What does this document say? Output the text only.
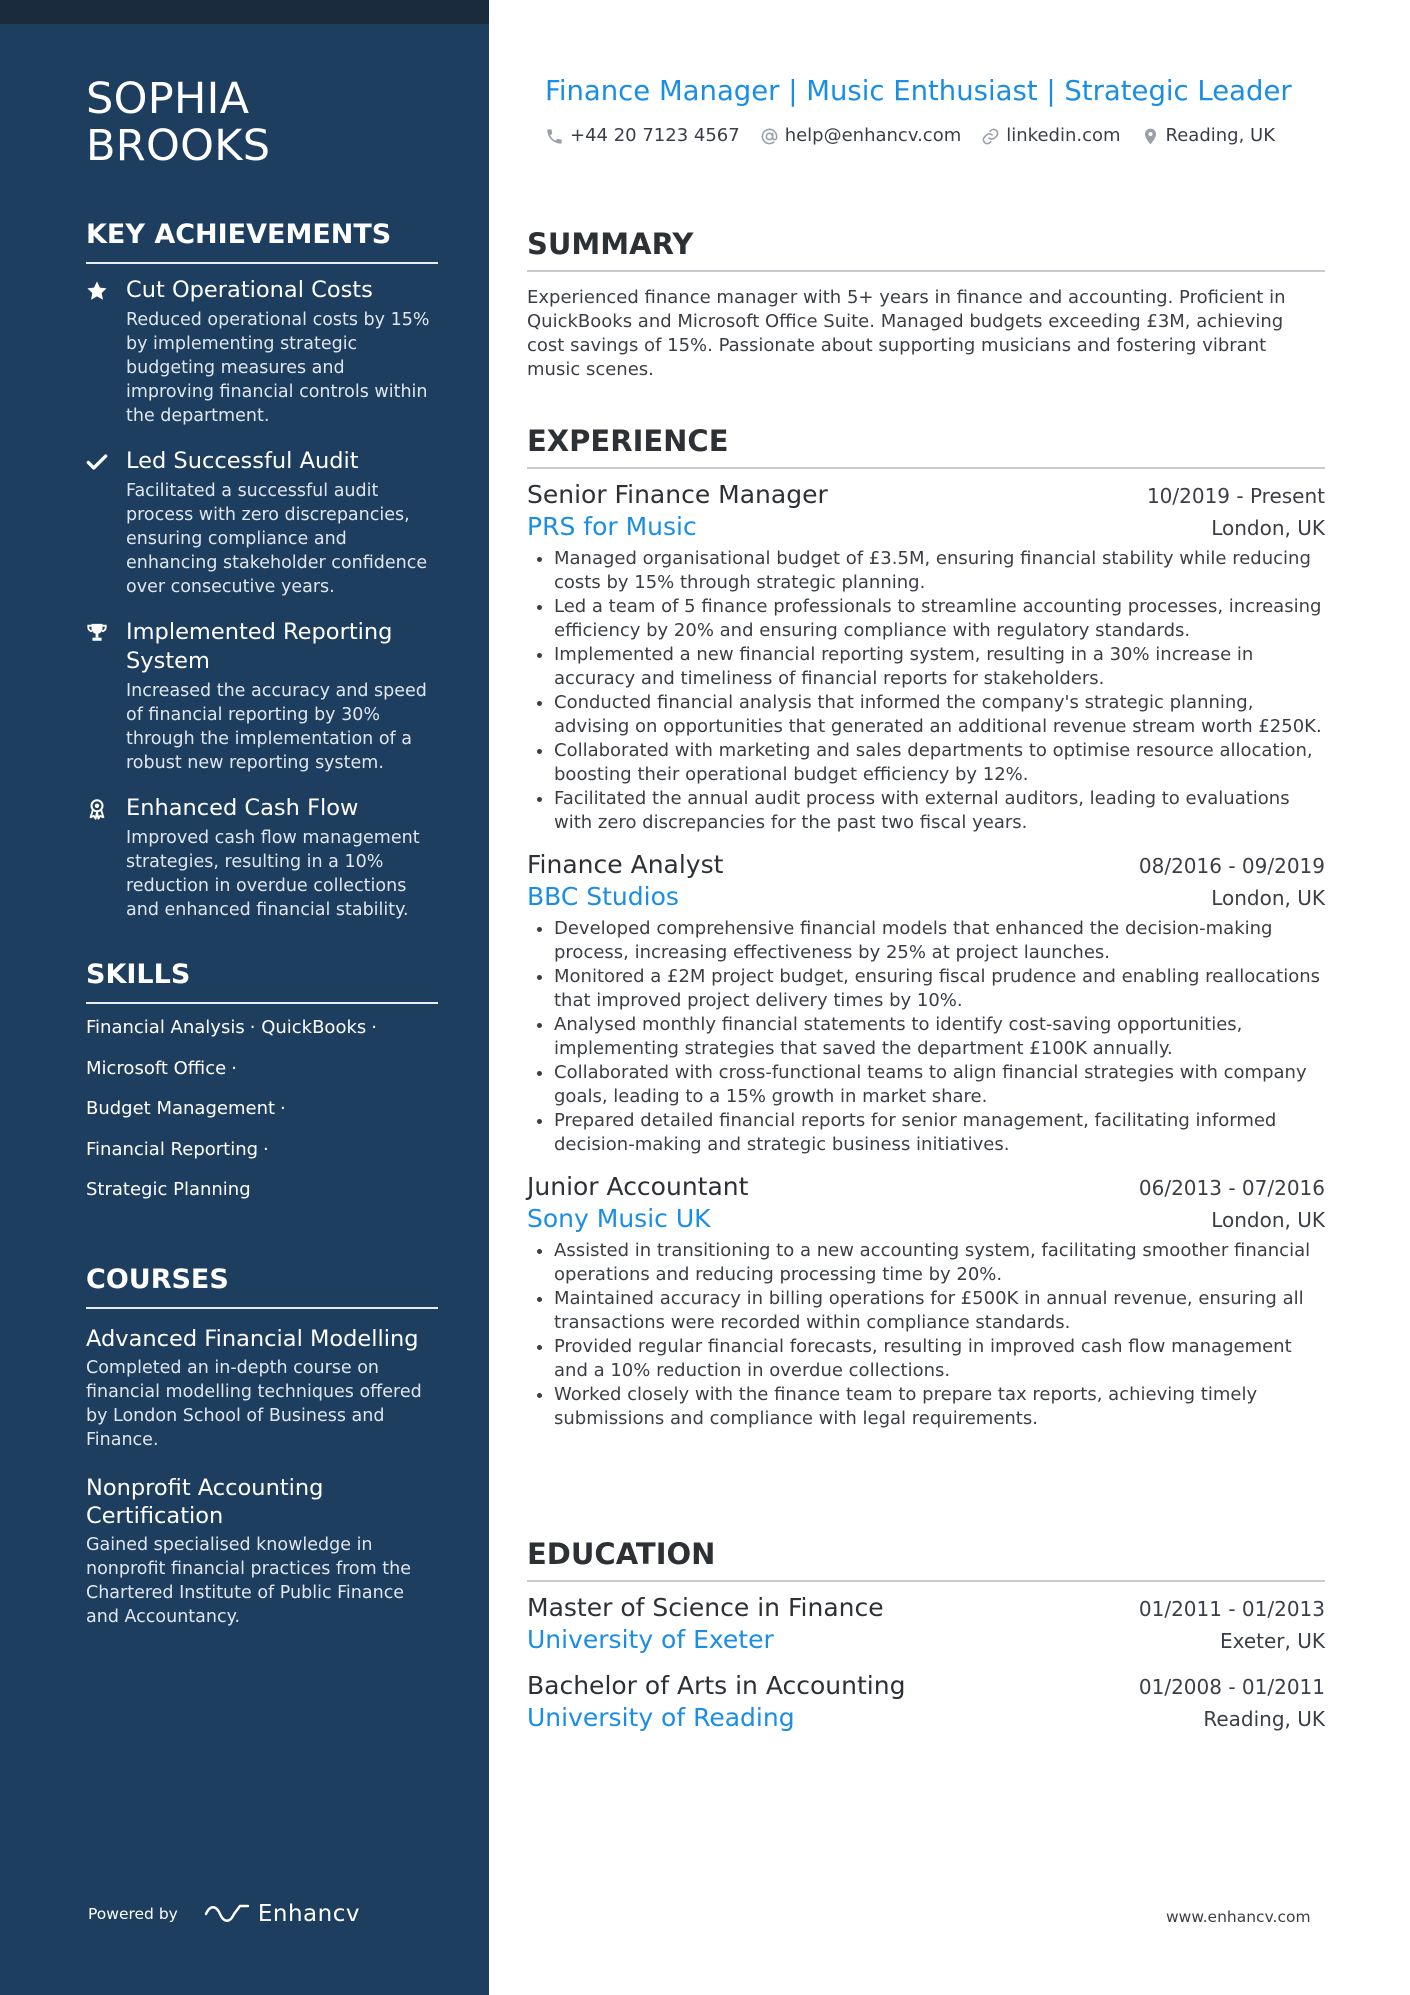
SOPHIA
BROOKS
KEY ACHIEVEMENTS
Cut Operational Costs
Reduced operational costs by 15% by implementing strategic budgeting measures and improving financial controls within the department.
Led Successful Audit
Facilitated a successful audit process with zero discrepancies, ensuring compliance and enhancing stakeholder confidence over consecutive years.
Implemented Reporting System
Increased the accuracy and speed of financial reporting by 30% through the implementation of a robust new reporting system.
Enhanced Cash Flow
Improved cash flow management strategies, resulting in a 10% reduction in overdue collections and enhanced financial stability.
SKILLS
Financial Analysis · QuickBooks ·
Microsoft Office ·
Budget Management ·
Financial Reporting ·
Strategic Planning
COURSES
Advanced Financial Modelling
Completed an in-depth course on financial modelling techniques offered by London School of Business and Finance.
Nonprofit Accounting Certification
Gained specialised knowledge in nonprofit financial practices from the Chartered Institute of Public Finance and Accountancy.
Powered by	Enhancv
Finance Manager | Music Enthusiast | Strategic Leader
+44 20 7123 4567	help@enhancv.com	linkedin.com	Reading, UK
SUMMARY

Experienced finance manager with 5+ years in finance and accounting. Proficient in QuickBooks and Microsoft Office Suite. Managed budgets exceeding £3M, achieving cost savings of 15%. Passionate about supporting musicians and fostering vibrant music scenes.

EXPERIENCE
Senior Finance Manager	10/2019 - Present
PRS for Music	London, UK
Managed organisational budget of £3.5M, ensuring financial stability while reducing costs by 15% through strategic planning.
Led a team of 5 finance professionals to streamline accounting processes, increasing efficiency by 20% and ensuring compliance with regulatory standards.
Implemented a new financial reporting system, resulting in a 30% increase in accuracy and timeliness of financial reports for stakeholders.
Conducted financial analysis that informed the company's strategic planning, advising on opportunities that generated an additional revenue stream worth £250K.
Collaborated with marketing and sales departments to optimise resource allocation, boosting their operational budget efficiency by 12%.
Facilitated the annual audit process with external auditors, leading to evaluations with zero discrepancies for the past two fiscal years.
Finance Analyst	08/2016 - 09/2019
BBC Studios	London, UK
Developed comprehensive financial models that enhanced the decision-making process, increasing effectiveness by 25% at project launches.
Monitored a £2M project budget, ensuring fiscal prudence and enabling reallocations that improved project delivery times by 10%.
Analysed monthly financial statements to identify cost-saving opportunities, implementing strategies that saved the department £100K annually.
Collaborated with cross-functional teams to align financial strategies with company goals, leading to a 15% growth in market share.
Prepared detailed financial reports for senior management, facilitating informed decision-making and strategic business initiatives.
Junior Accountant	06/2013 - 07/2016
Sony Music UK	London, UK
Assisted in transitioning to a new accounting system, facilitating smoother financial operations and reducing processing time by 20%.
Maintained accuracy in billing operations for £500K in annual revenue, ensuring all transactions were recorded within compliance standards.
Provided regular financial forecasts, resulting in improved cash flow management and a 10% reduction in overdue collections.
Worked closely with the finance team to prepare tax reports, achieving timely submissions and compliance with legal requirements.
EDUCATION
Master of Science in Finance	01/2011 - 01/2013
University of Exeter	Exeter, UK
Bachelor of Arts in Accounting	01/2008 - 01/2011
University of Reading	Reading, UK
www.enhancv.com
